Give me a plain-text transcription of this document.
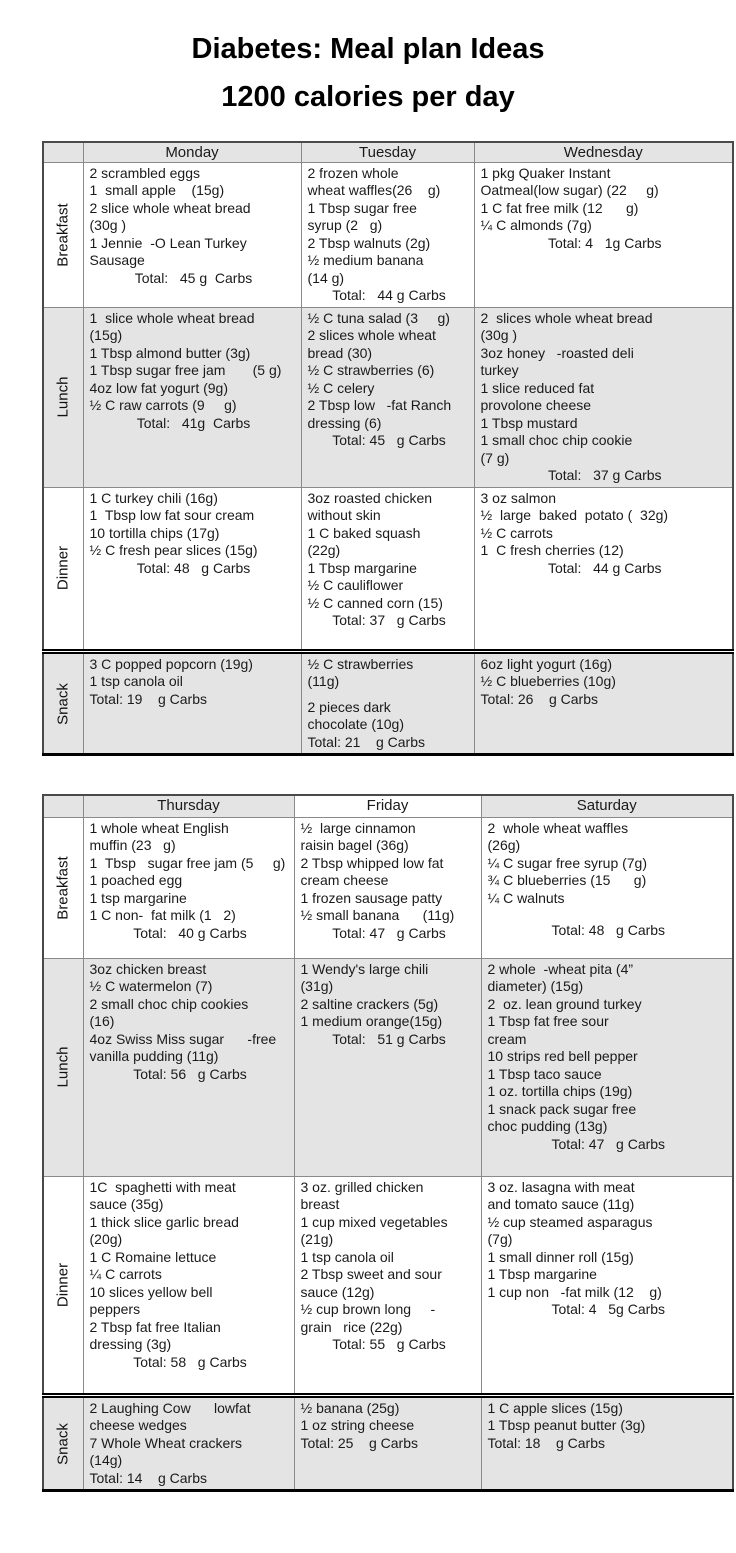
Diabetes: Meal plan Ideas
1200 calories per day
	Monday	Tuesday	Wednesday

Breakfast

2 scrambled eggs
1  small apple    (15g)
2 slice whole wheat bread
(30g )
1 Jennie  -O Lean Turkey
Sausage
Total:   45 g  Carbs

2 frozen whole
wheat waffles(26    g)
1 Tbsp sugar free
syrup (2   g)
2 Tbsp walnuts (2g)
½ medium banana
(14 g)
Total:   44 g Carbs

1 pkg Quaker Instant
Oatmeal(low sugar) (22     g)
1 C fat free milk (12      g)
¼ C almonds (7g)
Total: 4   1g Carbs

Lunch

1  slice whole wheat bread
(15g)
1 Tbsp almond butter (3g)
1 Tbsp sugar free jam       (5 g)
4oz low fat yogurt (9g)
½ C raw carrots (9     g)
Total:   41g  Carbs

½ C tuna salad (3     g)
2 slices whole wheat
bread (30)
½ C strawberries (6)
½ C celery
2 Tbsp low   -fat Ranch
dressing (6)
Total: 45   g Carbs

2  slices whole wheat bread
(30g )
3oz honey   -roasted deli
turkey
1 slice reduced fat
provolone cheese
1 Tbsp mustard
1 small choc chip cookie
(7 g)
Total:   37 g Carbs

Dinner

1 C turkey chili (16g)
1  Tbsp low fat sour cream
10 tortilla chips (17g)
½ C fresh pear slices (15g)
Total: 48   g Carbs

3oz roasted chicken
without skin
1 C baked squash
(22g)
1 Tbsp margarine
½ C cauliflower
½ C canned corn (15)
Total: 37   g Carbs

3 oz salmon
½  large  baked  potato (  32g)
½ C carrots
1  C fresh cherries (12)
Total:   44 g Carbs

Snack

3 C popped popcorn (19g)
1 tsp canola oil
Total: 19    g Carbs

½ C strawberries
(11g)
2 pieces dark
chocolate (10g)
Total: 21    g Carbs

6oz light yogurt (16g)
½ C blueberries (10g)
Total: 26    g Carbs
	Thursday	Friday	Saturday

Breakfast

1 whole wheat English
muffin (23   g)
1  Tbsp   sugar free jam (5     g)
1 poached egg
1 tsp margarine
1 C non-  fat milk (1   2)
Total:   40 g Carbs

½  large cinnamon
raisin bagel (36g)
2 Tbsp whipped low fat
cream cheese
1 frozen sausage patty
½ small banana      (11g)
Total: 47   g Carbs

2  whole wheat waffles
(26g)
¼ C sugar free syrup (7g)
¾ C blueberries (15      g)
¼ C walnuts
Total: 48   g Carbs

Lunch

3oz chicken breast
½ C watermelon (7)
2 small choc chip cookies
(16)
4oz Swiss Miss sugar      -free
vanilla pudding (11g)
Total: 56   g Carbs

1 Wendy's large chili
(31g)
2 saltine crackers (5g)
1 medium orange(15g)
Total:   51 g Carbs

2 whole  -wheat pita (4”
diameter) (15g)
2  oz. lean ground turkey
1 Tbsp fat free sour
cream
10 strips red bell pepper
1 Tbsp taco sauce
1 oz. tortilla chips (19g)
1 snack pack sugar free
choc pudding (13g)
Total: 47   g Carbs

Dinner

1C  spaghetti with meat
sauce (35g)
1 thick slice garlic bread
(20g)
1 C Romaine lettuce
¼ C carrots
10 slices yellow bell
peppers
2 Tbsp fat free Italian
dressing (3g)
Total: 58   g Carbs

3 oz. grilled chicken
breast
1 cup mixed vegetables
(21g)
1 tsp canola oil
2 Tbsp sweet and sour
sauce (12g)
½ cup brown long     -
grain   rice (22g)
Total: 55   g Carbs

3 oz. lasagna with meat
and tomato sauce (11g)
½ cup steamed asparagus
(7g)
1 small dinner roll (15g)
1 Tbsp margarine
1 cup non   -fat milk (12    g)
Total: 4   5g Carbs

Snack

2 Laughing Cow      lowfat
cheese wedges
7 Whole Wheat crackers
(14g)
Total: 14    g Carbs

½ banana (25g)
1 oz string cheese
Total: 25    g Carbs

1 C apple slices (15g)
1 Tbsp peanut butter (3g)
Total: 18    g Carbs
